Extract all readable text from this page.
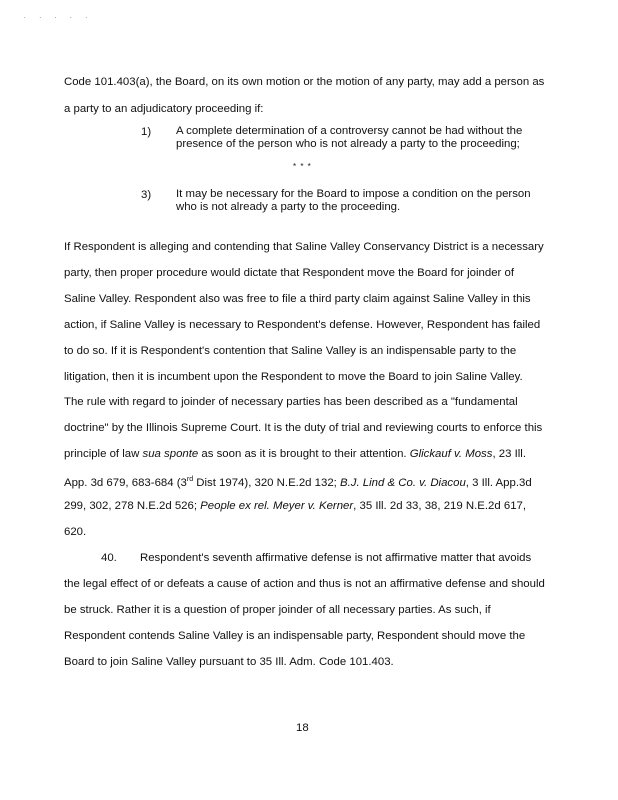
. . . . .
Code 101.403(a), the Board, on its own motion or the motion of any party, may add a person as
a party to an adjudicatory proceeding if:
1) A complete determination of a controversy cannot be had without the
presence of the person who is not already a party to the proceeding;
* * *
3) It may be necessary for the Board to impose a condition on the person
who is not already a party to the proceeding.
If Respondent is alleging and contending that Saline Valley Conservancy District is a necessary
party, then proper procedure would dictate that Respondent move the Board for joinder of
Saline Valley. Respondent also was free to file a third party claim against Saline Valley in this
action, if Saline Valley is necessary to Respondent's defense. However, Respondent has failed
to do so. If it is Respondent's contention that Saline Valley is an indispensable party to the
litigation, then it is incumbent upon the Respondent to move the Board to join Saline Valley.
The rule with regard to joinder of necessary parties has been described as a "fundamental
doctrine" by the Illinois Supreme Court. It is the duty of trial and reviewing courts to enforce this
principle of law sua sponte as soon as it is brought to their attention. Glickauf v. Moss, 23 Ill.
App. 3d 679, 683-684 (3rd Dist 1974), 320 N.E.2d 132; B.J. Lind & Co. v. Diacou, 3 Ill. App.3d
299, 302, 278 N.E.2d 526; People ex rel. Meyer v. Kerner, 35 Ill. 2d 33, 38, 219 N.E.2d 617,
620.
40. Respondent's seventh affirmative defense is not affirmative matter that avoids
the legal effect of or defeats a cause of action and thus is not an affirmative defense and should
be struck. Rather it is a question of proper joinder of all necessary parties. As such, if
Respondent contends Saline Valley is an indispensable party, Respondent should move the
Board to join Saline Valley pursuant to 35 Ill. Adm. Code 101.403.
18
